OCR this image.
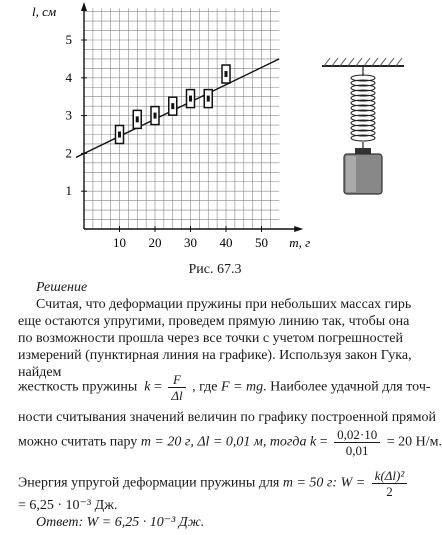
10 20 30 40 50
1
2
3
4
5
m, г
l, см
Рис. 67.3
Решение
Считая, что деформации пружины при небольших массах гирь еще остаются упругими, проведем прямую линию так, чтобы она по возможности прошла через все точки с учетом погрешностей измерений (пунктирная линия на графике). Используя закон Гука, найдем
жесткость пружины $k = \frac{F}{\Delta l}$ , где F = mg. Наиболее удачной для точ-
ности считывания значений величин по графику построенной прямой
можно считать пару m = 20 г, Δl = 0,01 м, тогда $k = \frac{0,02\cdot 10}{0,01} = 20$ Н/м.
Энергия упругой деформации пружины для m = 50 г: $W = \frac{\text{k(Δl)²}}{2}$
= 6,25 · 10⁻³ Дж.
Ответ: W = 6,25 · 10⁻³ Дж.
